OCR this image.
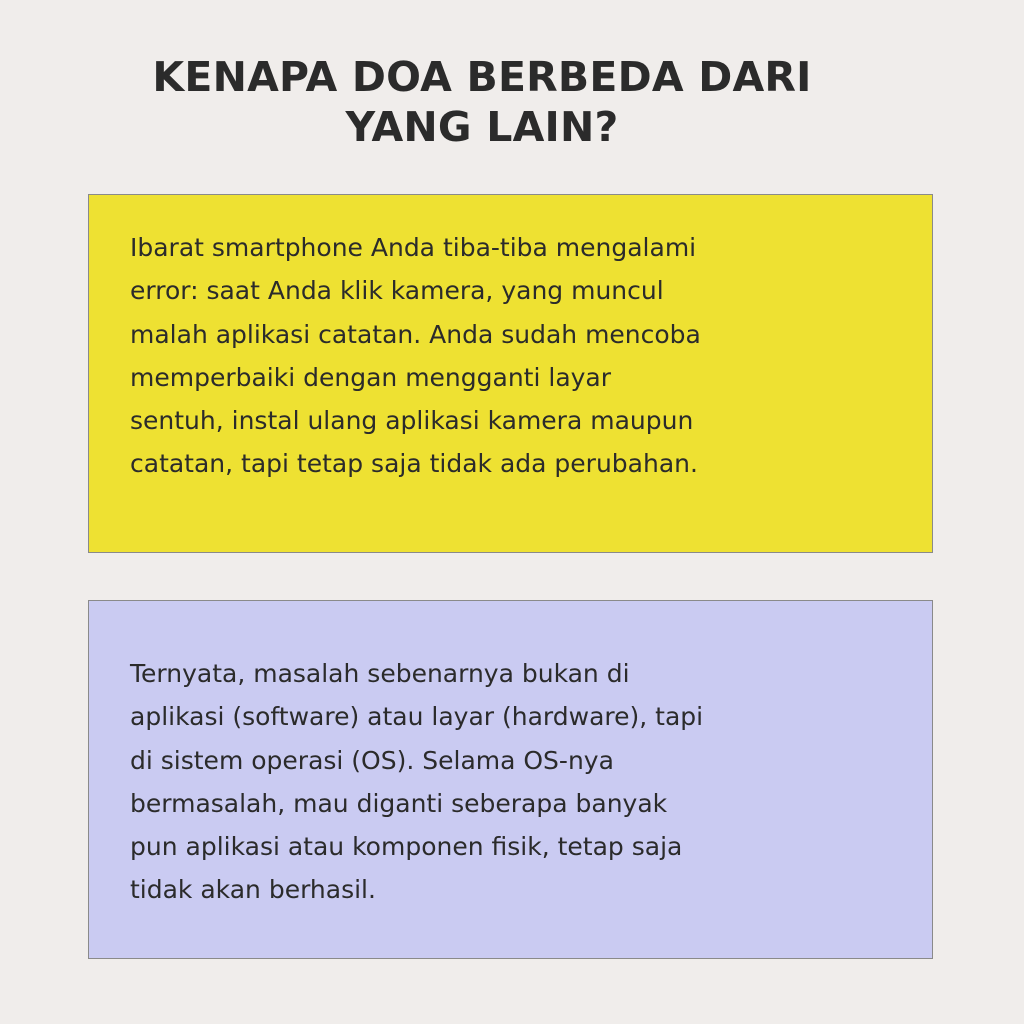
KENAPA DOA BERBEDA DARI
YANG LAIN?

Ibarat smartphone Anda tiba-tiba mengalami
error: saat Anda klik kamera, yang muncul
malah aplikasi catatan. Anda sudah mencoba
memperbaiki dengan mengganti layar
sentuh, instal ulang aplikasi kamera maupun
catatan, tapi tetap saja tidak ada perubahan.

Ternyata, masalah sebenarnya bukan di
aplikasi (software) atau layar (hardware), tapi
di sistem operasi (OS). Selama OS-nya
bermasalah, mau diganti seberapa banyak
pun aplikasi atau komponen fisik, tetap saja
tidak akan berhasil.
